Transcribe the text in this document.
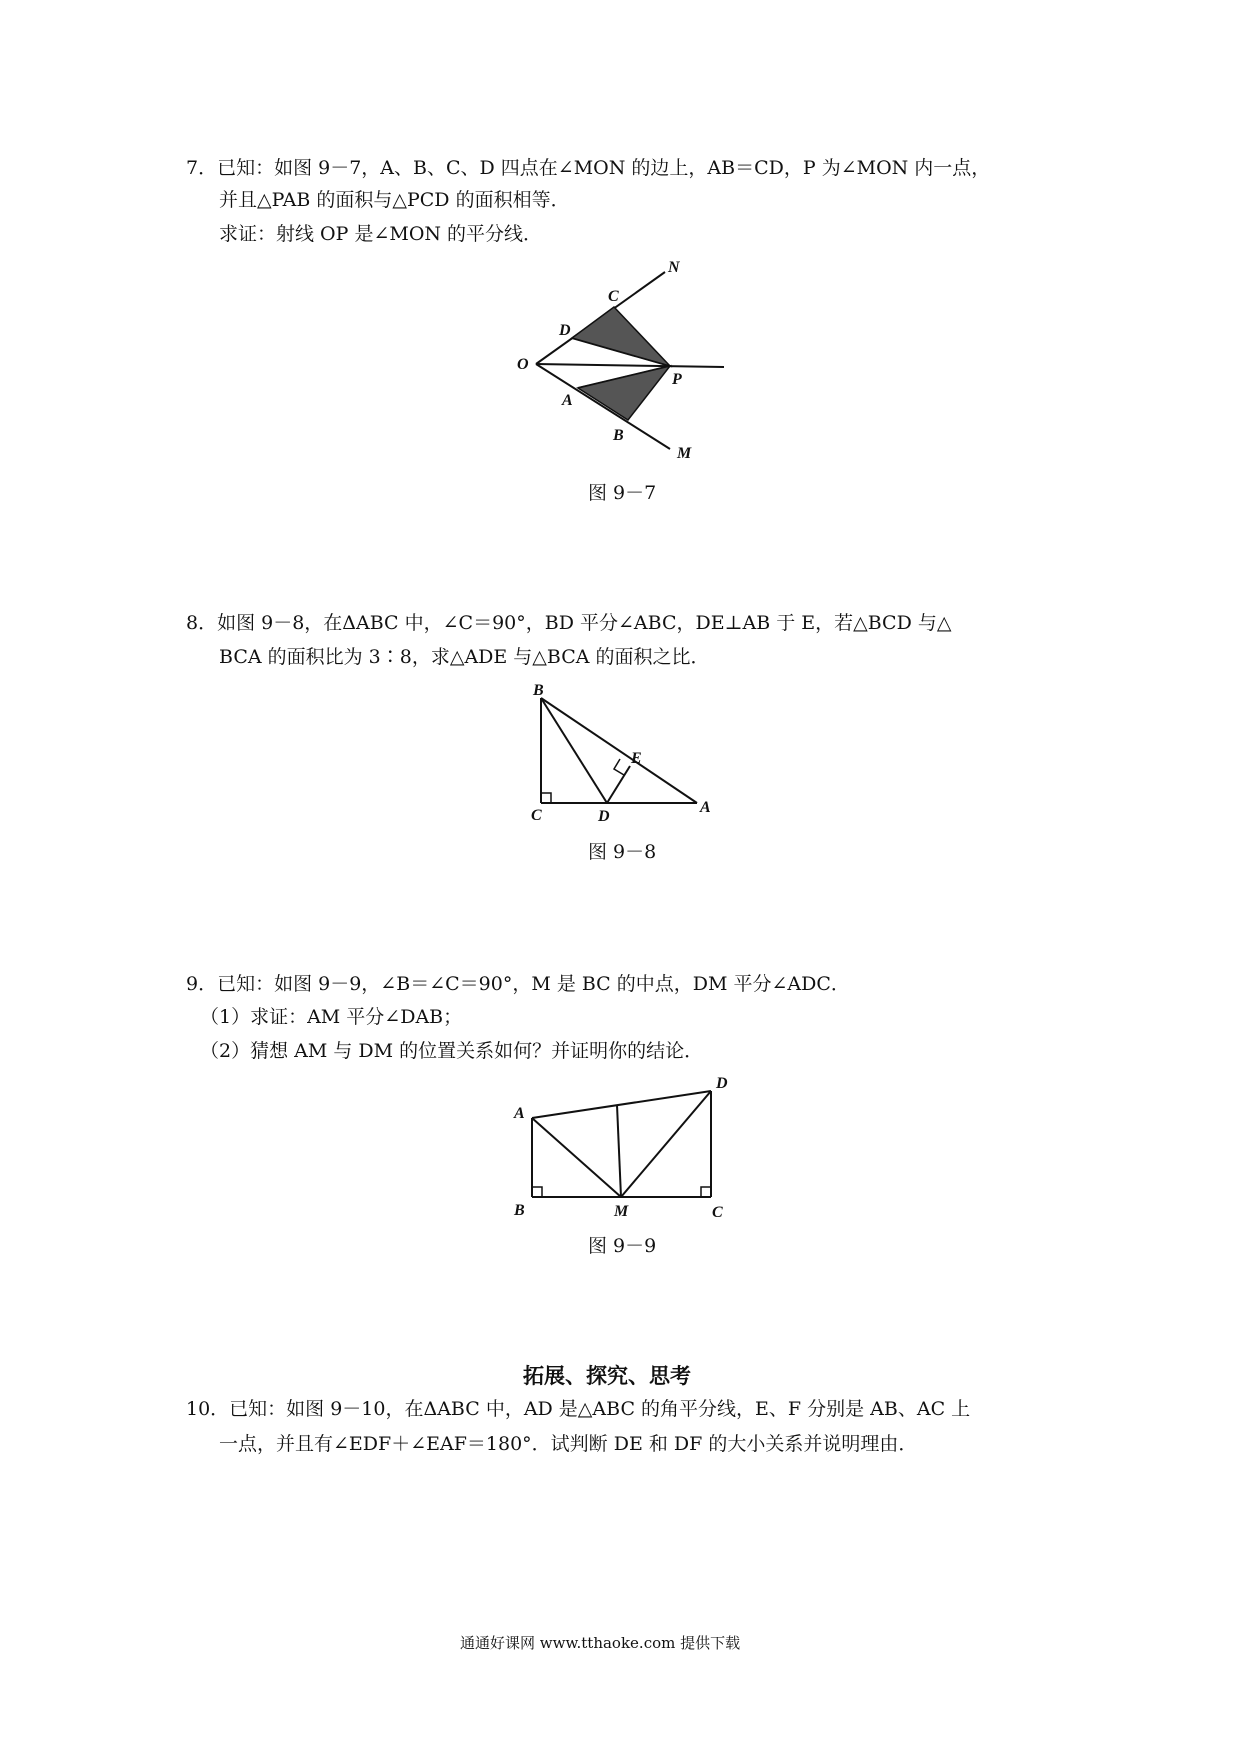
7．已知：如图 9－7，A、B、C、D 四点在∠MON 的边上，AB＝CD，P 为∠MON 内一点，
并且△PAB 的面积与△PCD 的面积相等．
求证：射线 OP 是∠MON 的平分线．
N
C
D
O
P
A
B
M
图 9－7
8．如图 9－8，在ΔABC 中，∠C＝90°，BD 平分∠ABC，DE⊥AB 于 E，若△BCD 与△
BCA 的面积比为 3∶8，求△ADE 与△BCA 的面积之比．
B
E
C	D
A
图 9－8
9．已知：如图 9－9，∠B＝∠C＝90°，M 是 BC 的中点，DM 平分∠ADC．
（1）求证：AM 平分∠DAB；
（2）猜想 AM 与 DM 的位置关系如何？并证明你的结论．
A
D
B	M	C
图 9－9
拓展、探究、思考
10．已知：如图 9－10，在ΔABC 中，AD 是△ABC 的角平分线，E、F 分别是 AB、AC 上
一点，并且有∠EDF＋∠EAF＝180°．试判断 DE 和 DF 的大小关系并说明理由．
通通好课网 www.tthaoke.com 提供下载
